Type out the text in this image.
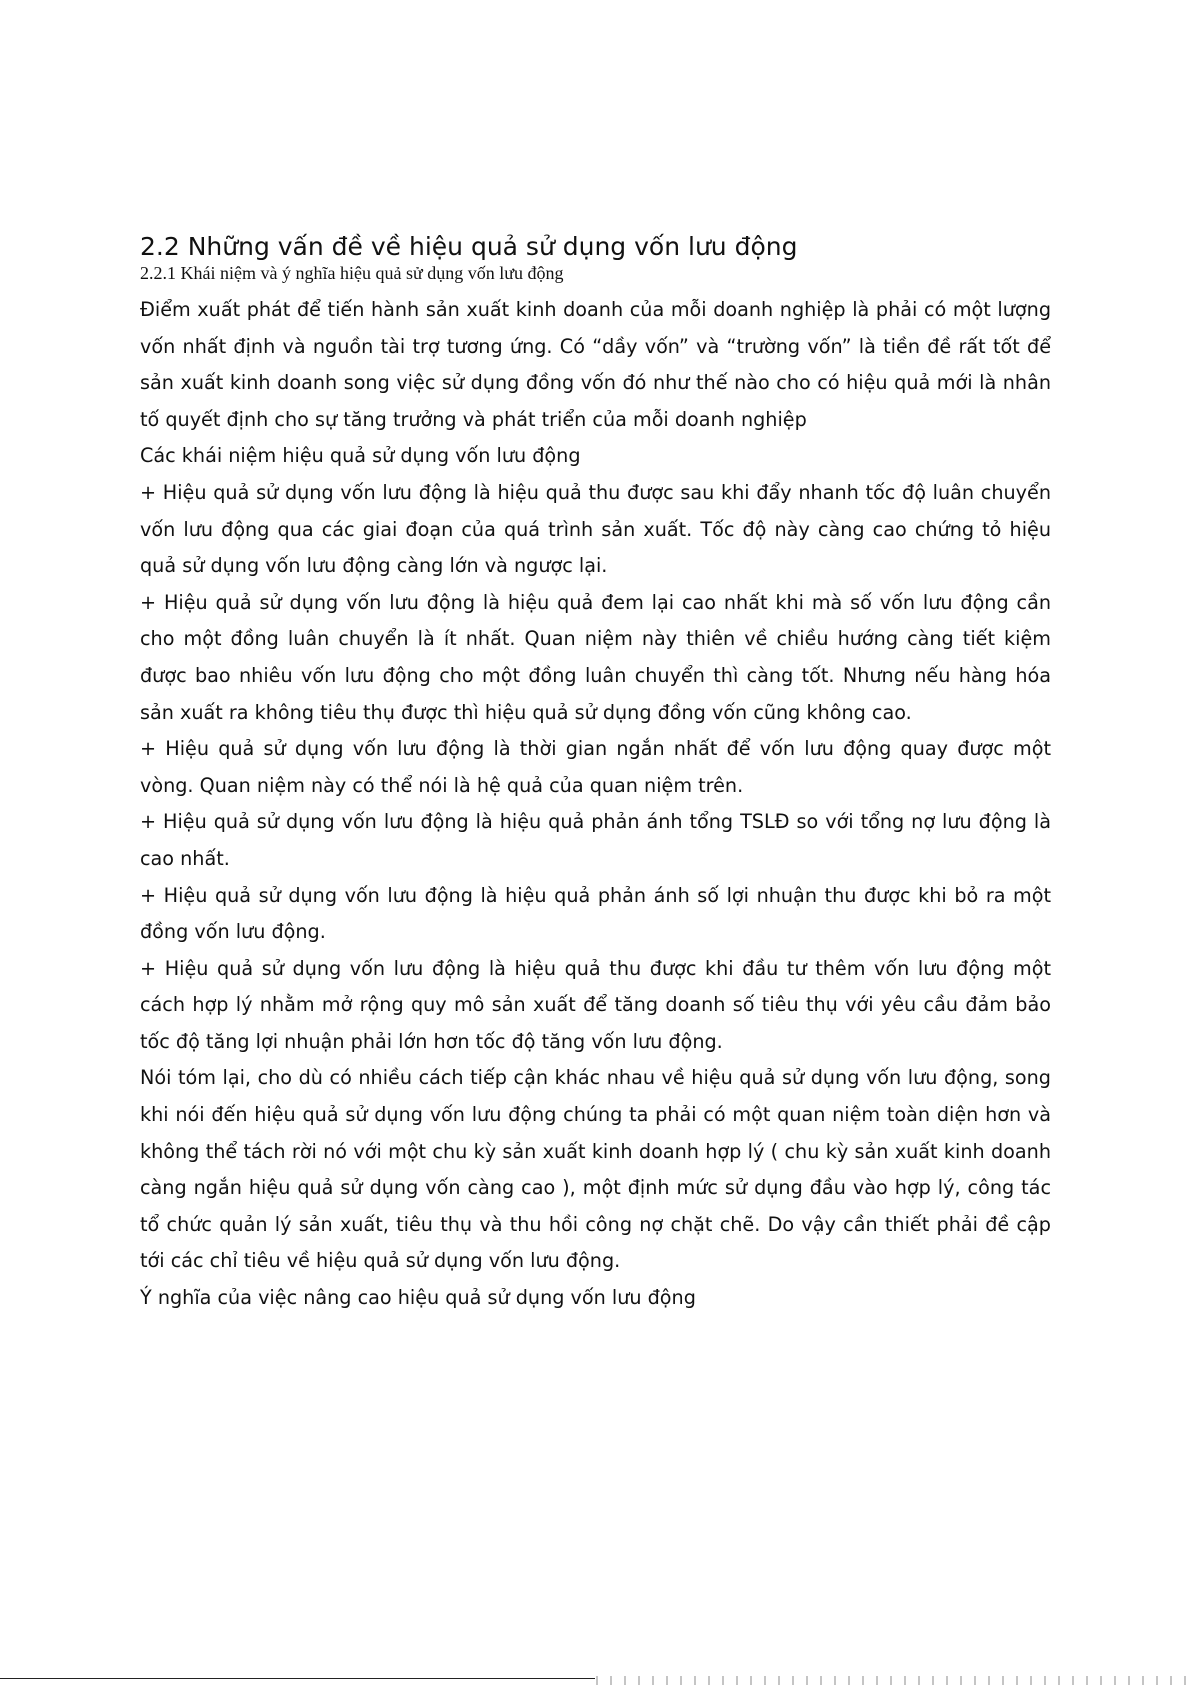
2.2 Những vấn đề về hiệu quả sử dụng vốn lưu động
2.2.1 Khái niệm và ý nghĩa hiệu quả sử dụng vốn lưu động

Điểm xuất phát để tiến hành sản xuất kinh doanh của mỗi doanh nghiệp là phải có một lượng vốn nhất định và nguồn tài trợ tương ứng. Có “dầy vốn” và “trường vốn” là tiền đề rất tốt để sản xuất kinh doanh song việc sử dụng đồng vốn đó như thế nào cho có hiệu quả mới là nhân tố quyết định cho sự tăng trưởng và phát triển của mỗi doanh nghiệp

Các khái niệm hiệu quả sử dụng vốn lưu động

+ Hiệu quả sử dụng vốn lưu động là hiệu quả thu được sau khi đẩy nhanh tốc độ luân chuyển vốn lưu động qua các giai đoạn của quá trình sản xuất. Tốc độ này càng cao chứng tỏ hiệu quả sử dụng vốn lưu động càng lớn và ngược lại.

+ Hiệu quả sử dụng vốn lưu động là hiệu quả đem lại cao nhất khi mà số vốn lưu động cần cho một đồng luân chuyển là ít nhất. Quan niệm này thiên về chiều hướng càng tiết kiệm được bao nhiêu vốn lưu động cho một đồng luân chuyển thì càng tốt. Nhưng nếu hàng hóa sản xuất ra không tiêu thụ được thì hiệu quả sử dụng đồng vốn cũng không cao.

+ Hiệu quả sử dụng vốn lưu động là thời gian ngắn nhất để vốn lưu động quay được một vòng. Quan niệm này có thể nói là hệ quả của quan niệm trên.

+ Hiệu quả sử dụng vốn lưu động là hiệu quả phản ánh tổng TSLĐ so với tổng nợ lưu động là cao nhất.

+ Hiệu quả sử dụng vốn lưu động là hiệu quả phản ánh số lợi nhuận thu được khi bỏ ra một đồng vốn lưu động.

+ Hiệu quả sử dụng vốn lưu động là hiệu quả thu được khi đầu tư thêm vốn lưu động một cách hợp lý nhằm mở rộng quy mô sản xuất để tăng doanh số tiêu thụ với yêu cầu đảm bảo tốc độ tăng lợi nhuận phải lớn hơn tốc độ tăng vốn lưu động.

Nói tóm lại, cho dù có nhiều cách tiếp cận khác nhau về hiệu quả sử dụng vốn lưu động, song khi nói đến hiệu quả sử dụng vốn lưu động chúng ta phải có một quan niệm toàn diện hơn và không thể tách rời nó với một chu kỳ sản xuất kinh doanh hợp lý ( chu kỳ sản xuất kinh doanh càng ngắn hiệu quả sử dụng vốn càng cao ), một định mức sử dụng đầu vào hợp lý, công tác tổ chức quản lý sản xuất, tiêu thụ và thu hồi công nợ chặt chẽ. Do vậy cần thiết phải đề cập tới các chỉ tiêu về hiệu quả sử dụng vốn lưu động.

Ý nghĩa của việc nâng cao hiệu quả sử dụng vốn lưu động
